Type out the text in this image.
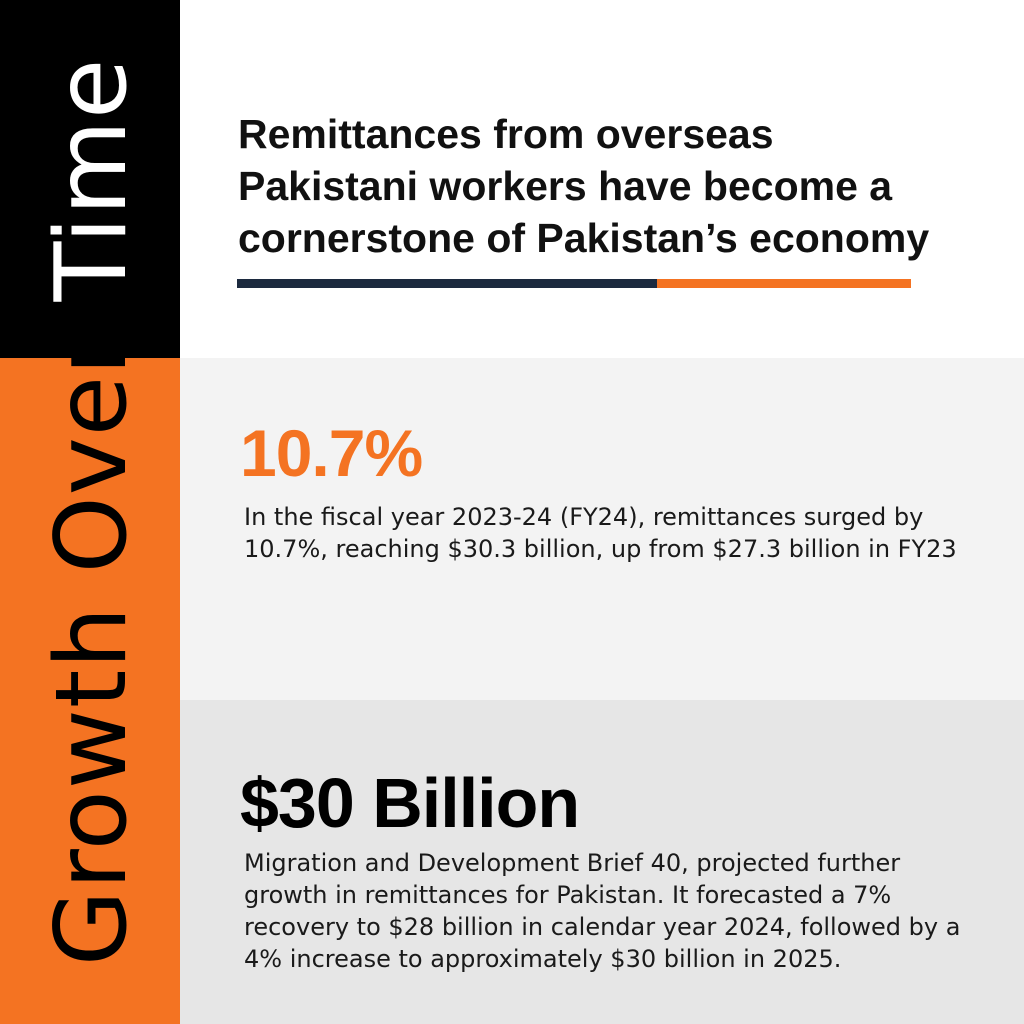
Growth Over Time Remittances from overseas Pakistani workers have become a cornerstone of Pakistan’s economy
10.7%

In the fiscal year 2023-24 (FY24), remittances surged by 10.7%, reaching $30.3 billion, up from $27.3 billion in FY23

$30 Billion

Migration and Development Brief 40, projected further growth in remittances for Pakistan. It forecasted a 7% recovery to $28 billion in calendar year 2024, followed by a 4% increase to approximately $30 billion in 2025.
